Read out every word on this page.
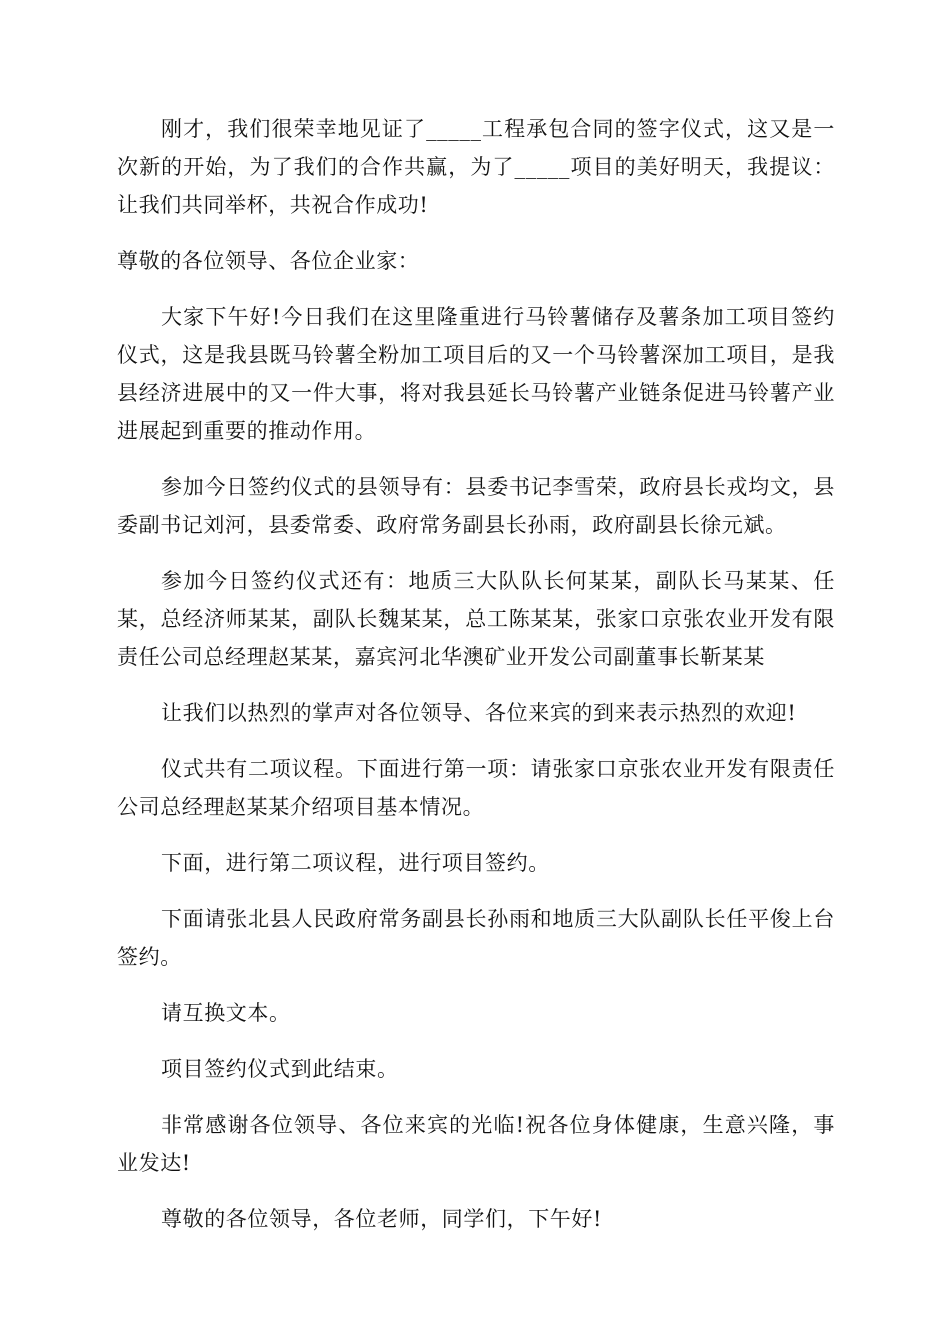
刚才，我们很荣幸地见证了_____工程承包合同的签字仪式，这又是一次新的开始，为了我们的合作共赢，为了_____项目的美好明天，我提议：让我们共同举杯，共祝合作成功!

尊敬的各位领导、各位企业家：

大家下午好!今日我们在这里隆重进行马铃薯储存及薯条加工项目签约仪式，这是我县既马铃薯全粉加工项目后的又一个马铃薯深加工项目，是我县经济进展中的又一件大事，将对我县延长马铃薯产业链条促进马铃薯产业进展起到重要的推动作用。

参加今日签约仪式的县领导有：县委书记李雪荣，政府县长戎均文，县委副书记刘河，县委常委、政府常务副县长孙雨，政府副县长徐元斌。

参加今日签约仪式还有：地质三大队队长何某某，副队长马某某、任某，总经济师某某，副队长魏某某，总工陈某某，张家口京张农业开发有限责任公司总经理赵某某，嘉宾河北华澳矿业开发公司副董事长靳某某

让我们以热烈的掌声对各位领导、各位来宾的到来表示热烈的欢迎!

仪式共有二项议程。下面进行第一项：请张家口京张农业开发有限责任公司总经理赵某某介绍项目基本情况。

下面，进行第二项议程，进行项目签约。

下面请张北县人民政府常务副县长孙雨和地质三大队副队长任平俊上台签约。

请互换文本。

项目签约仪式到此结束。

非常感谢各位领导、各位来宾的光临!祝各位身体健康，生意兴隆，事业发达!

尊敬的各位领导，各位老师，同学们，下午好!
